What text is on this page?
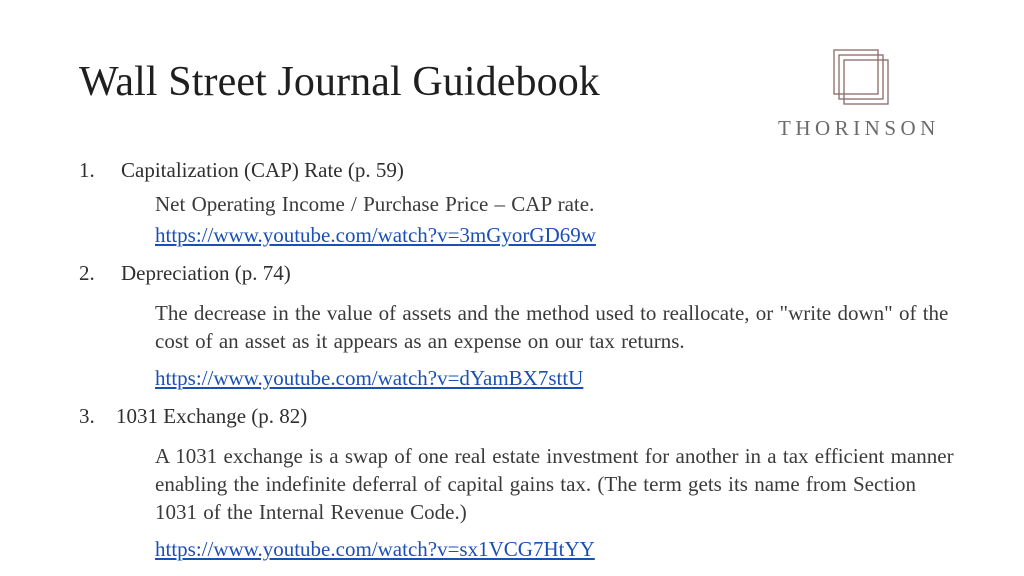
Wall Street Journal Guidebook
THORINSON
1. Capitalization (CAP) Rate (p. 59)
Net Operating Income / Purchase Price – CAP rate.
https://www.youtube.com/watch?v=3mGyorGD69w
2. Depreciation (p. 74)
The decrease in the value of assets and the method used to reallocate, or "write down" of the cost of an asset as it appears as an expense on our tax returns.
https://www.youtube.com/watch?v=dYamBX7sttU
3. 1031 Exchange (p. 82)
A 1031 exchange is a swap of one real estate investment for another in a tax efficient manner enabling the indefinite deferral of capital gains tax. (The term gets its name from Section 1031 of the Internal Revenue Code.)
https://www.youtube.com/watch?v=sx1VCG7HtYY
